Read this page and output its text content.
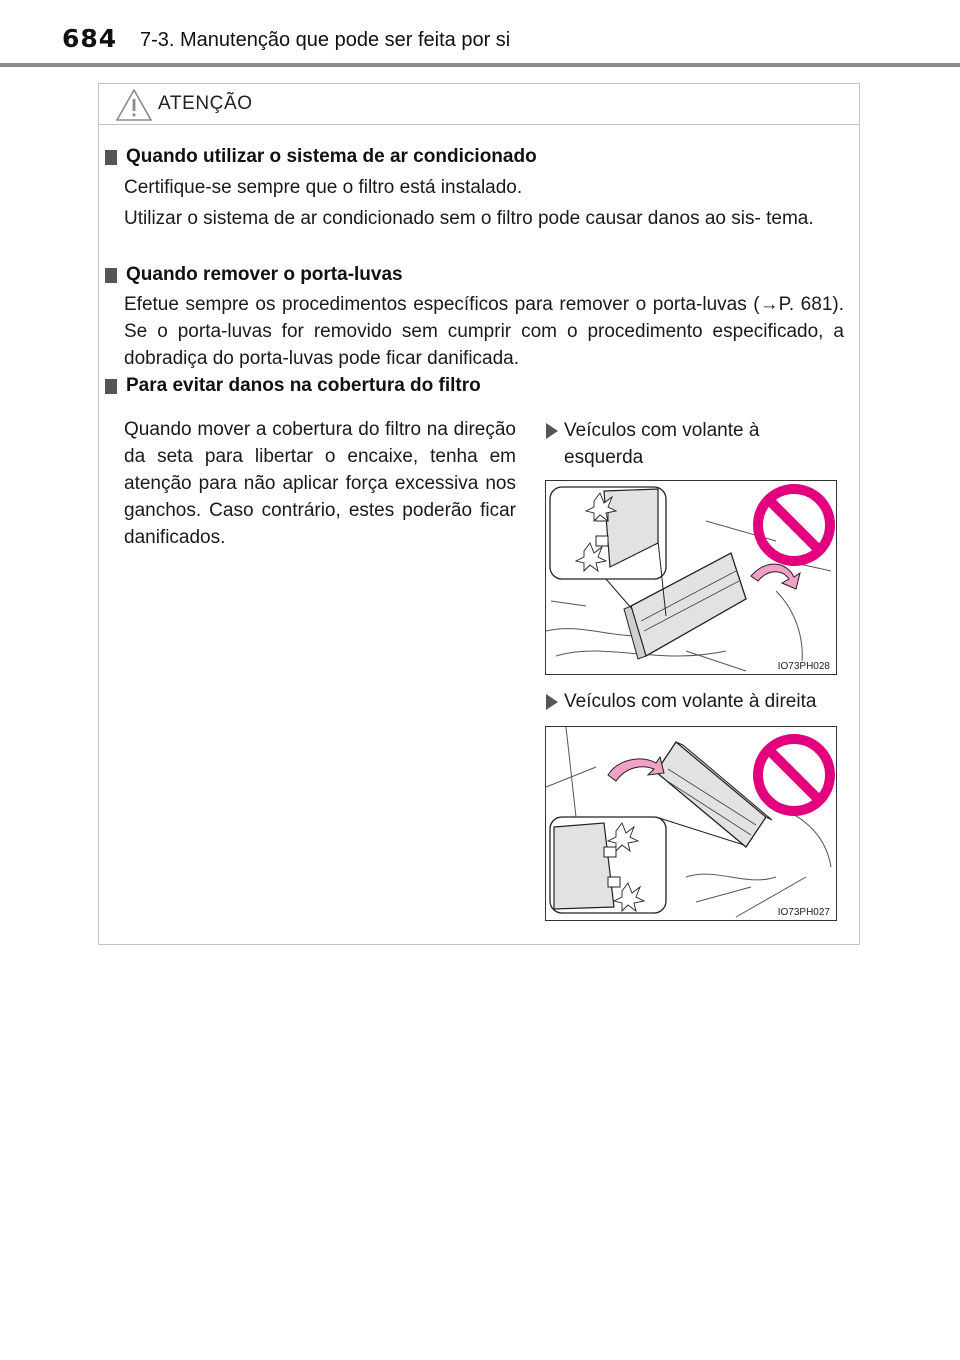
684 7-3. Manutenção que pode ser feita por si
ATENÇÃO
Quando utilizar o sistema de ar condicionado
Certifique-se sempre que o filtro está instalado.
Utilizar o sistema de ar condicionado sem o filtro pode causar danos ao sis- tema.
Quando remover o porta-luvas
Efetue sempre os procedimentos específicos para remover o porta-luvas (→P. 681). Se o porta-luvas for removido sem cumprir com o procedimento especificado, a dobradiça do porta-luvas pode ficar danificada.
Para evitar danos na cobertura do filtro
Quando mover a cobertura do filtro na direção da seta para libertar o encaixe, tenha em atenção para não aplicar força excessiva nos ganchos. Caso contrário, estes poderão ficar danificados.
Veículos com volante à esquerda
IO73PH028
Veículos com volante à direita
IO73PH027
